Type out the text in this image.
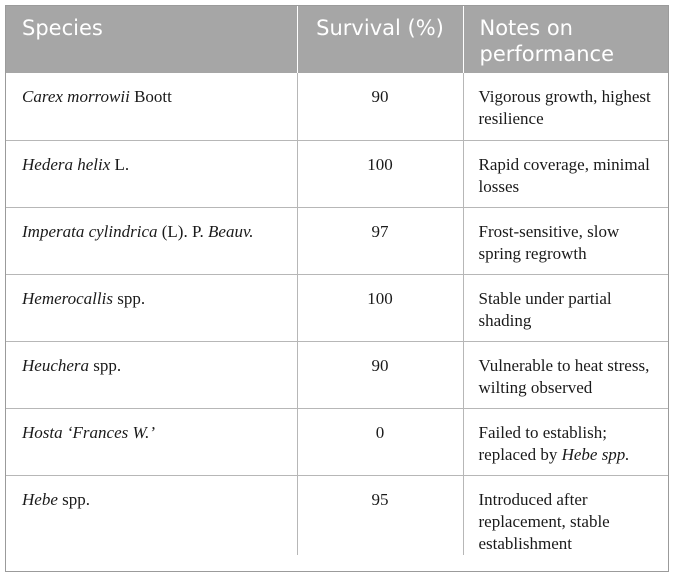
Species	Survival (%)	Notes on performance
Carex morrowii Boott	90	Vigorous growth, highest resilience
Hedera helix L.	100	Rapid coverage, minimal losses
Imperata cylindrica (L). P. Beauv.	97	Frost-sensitive, slow spring regrowth
Hemerocallis spp.	100	Stable under partial shading
Heuchera spp.	90	Vulnerable to heat stress, wilting observed
Hosta ‘Frances W.’	0	Failed to establish; replaced by Hebe spp.
Hebe spp.	95	Introduced after replacement, stable establishment
